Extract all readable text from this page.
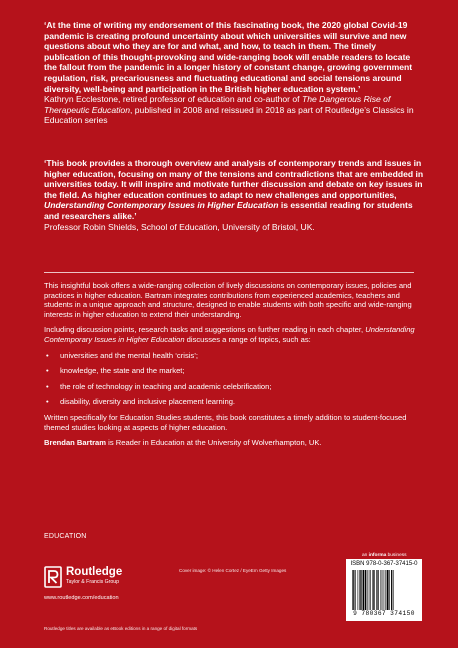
‘At the time of writing my endorsement of this fascinating book, the 2020 global Covid-19 pandemic is creating profound uncertainty about which universities will survive and new questions about who they are for and what, and how, to teach in them. The timely publication of this thought-provoking and wide-ranging book will enable readers to locate the fallout from the pandemic in a longer history of constant change, growing government regulation, risk, precariousness and fluctuating educational and social tensions around diversity, well-being and participation in the British higher education system.’

Kathryn Ecclestone, retired professor of education and co-author of The Dangerous Rise of Therapeutic Education, published in 2008 and reissued in 2018 as part of Routledge’s Classics in Education series

‘This book provides a thorough overview and analysis of contemporary trends and issues in higher education, focusing on many of the tensions and contradictions that are embedded in universities today. It will inspire and motivate further discussion and debate on key issues in the field. As higher education continues to adapt to new challenges and opportunities, Understanding Contemporary Issues in Higher Education is essential reading for students and researchers alike.’

Professor Robin Shields, School of Education, University of Bristol, UK.

This insightful book offers a wide-ranging collection of lively discussions on contemporary issues, policies and practices in higher education. Bartram integrates contributions from experienced academics, teachers and students in a unique approach and structure, designed to enable students with both specific and wide-ranging interests in higher education to extend their understanding.

Including discussion points, research tasks and suggestions on further reading in each chapter, Understanding Contemporary Issues in Higher Education discusses a range of topics, such as:

• universities and the mental health ‘crisis’;
• knowledge, the state and the market;
• the role of technology in teaching and academic celebrification;
• disability, diversity and inclusive placement learning.

Written specifically for Education Studies students, this book constitutes a timely addition to student-focused themed studies looking at aspects of higher education.

Brendan Bartram is Reader in Education at the University of Wolverhampton, UK.

EDUCATION
Routledge
Taylor & Francis Group
www.routledge.com/education
Cover image: © Helen Cortez / EyeEm Getty Images
an informa business
ISBN 978-0-367-37415-0
9 780367 374150
Routledge titles are available as eBook editions in a range of digital formats
